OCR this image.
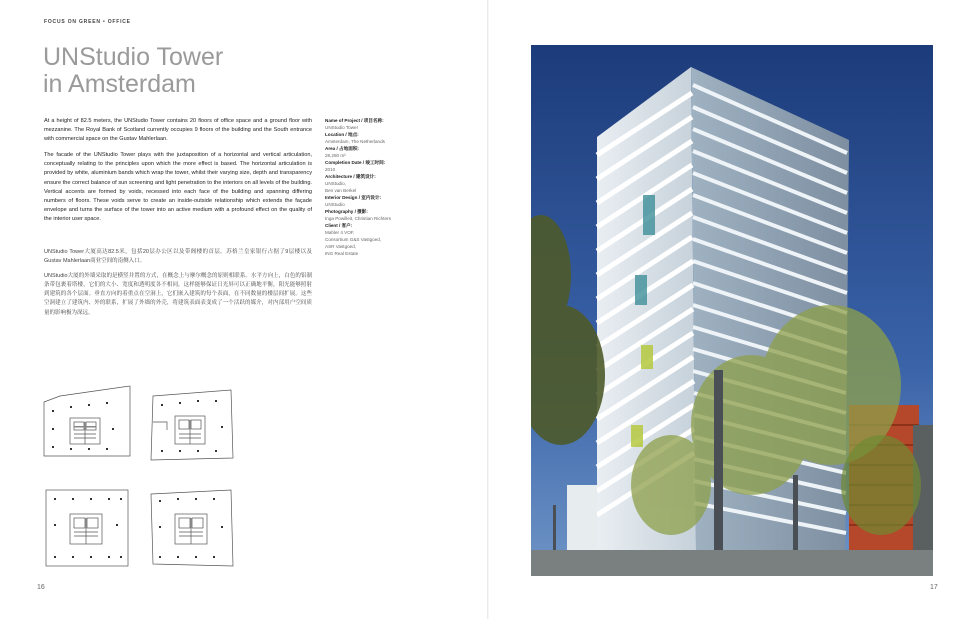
FOCUS ON GREEN • OFFICE
UNStudio Tower
in Amsterdam

At a height of 82.5 meters, the UNStudio Tower contains 20 floors of office space and a ground floor with mezzanine. The Royal Bank of Scotland currently occupies 9 floors of the building and the South entrance with commercial space on the Gustav Mahlerlaan.

The facade of the UNStudio Tower plays with the juxtaposition of a horizontal and vertical articulation, conceptually relating to the principles upon which the more effect is based. The horizontal articulation is provided by white, aluminium bands which wrap the tower, whilst their varying size, depth and transparency ensure the correct balance of sun screening and light penetration to the interiors on all levels of the building. Vertical accents are formed by voids, recessed into each face of the building and spanning differing numbers of floors. These voids serve to create an inside-outside relationship which extends the façade envelope and turns the surface of the tower into an active medium with a profound effect on the quality of the interior user space.

UNStudio Tower大厦高达82.5米，包括20层办公区以及带阁楼的首层。苏格兰皇家银行占据了9层楼以及Gustav Mahlerlaan商业空间的南侧入口。

UNStudio大厦的外墙采取的是横竖并置的方式，在概念上与摩尔概念的原则相联系。水平方向上，白色的铝制条带包裹着塔楼，它们的大小、宽度和透明度各不相同，这样能够保证日光屏可以正确地平衡，阳光能够照射到建筑的各个层面。垂直方向的着重点在空洞上，它们嵌入建筑的每个表面，在不同数量的楼层间扩展。这些空洞建立了建筑内、外的联系，扩展了外墙的外壳，将建筑表面表变成了一个活跃的媒介，对内部用户空间质量的影响极为深远。

Name of Project / 项目名称:
UNStudio Tower
Location / 地点:
Amsterdam, The Netherlands
Area / 占地面积:
28,280 m²
Completion Date / 竣工时间:
2010
Architecture / 建筑设计:
UNStudio,
Ben van Berkel
Interior Design / 室内设计:
UNStudio
Photography / 摄影:
Inga Powilleit, Christian Richters
Client / 客户:
Mahler 4 VOF,
Consortium G&S Vastgoed,
ASR Vastgoed,
ING Real Estate
16	17
